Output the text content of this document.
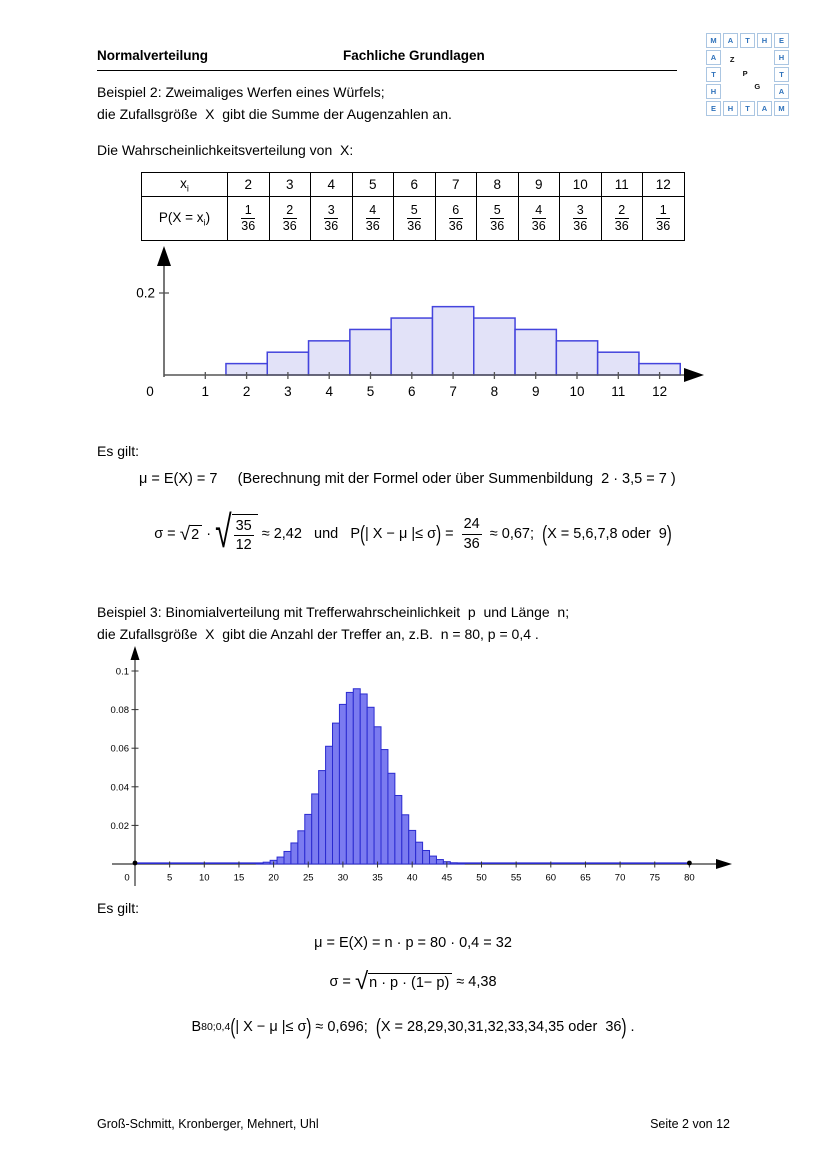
Normalverteilung	Fachliche Grundlagen
M	A	T	H	E
A	Z
P
G
H
T	T
H	A
E	H	T	A	M
Beispiel 2: Zweimaliges Werfen eines Würfels;
die Zufallsgröße  X  gibt die Summe der Augenzahlen an.
Die Wahrscheinlichkeitsverteilung von  X:
$x_i$	2	3	4	5	6	7	8	9	10	11	12
$P(X = x_i)$	$\frac{1}{36}$	$\frac{2}{36}$	$\frac{3}{36}$	$\frac{4}{36}$	$\frac{5}{36}$	$\frac{6}{36}$	$\frac{5}{36}$	$\frac{4}{36}$	$\frac{3}{36}$	$\frac{2}{36}$	$\frac{1}{36}$
0	1	2	3	4	5	6	7	8	9 10 11 12
0.2
Es gilt:
μ = E(X) = 7 (Berechnung mit der Formel oder über Summenbildung  2 · 3,5 = 7 )
σ = √ 2 · √ $\frac{35}{12} \approx 2,42$ und P ( | X − μ |≤ σ ) = $\frac{24}{36} \approx 0,67$;
( X = 5,6,7,8 oder  9 )
Beispiel 3: Binomialverteilung mit Trefferwahrscheinlichkeit  p  und Länge  n;
die Zufallsgröße  X  gibt die Anzahl der Treffer an, z.B.  n = 80, p = 0,4 .
0	5	10	15	20	25	30	35	40	45	50	55	60	65	70	75	80
0.02
0.04
0.06
0.08
0.1
Es gilt:
μ = E(X) = n · p = 80 · 0,4 = 32
σ = √ n · p · (1− p) ≈ 4,38
B 80;0,4 ( | X − μ |≤ σ ) ≈ 0,696;
( X = 28,29,30,31,32,33,34,35 oder  36 ) .
Groß-Schmitt, Kronberger, Mehnert, Uhl	Seite 2 von 12
